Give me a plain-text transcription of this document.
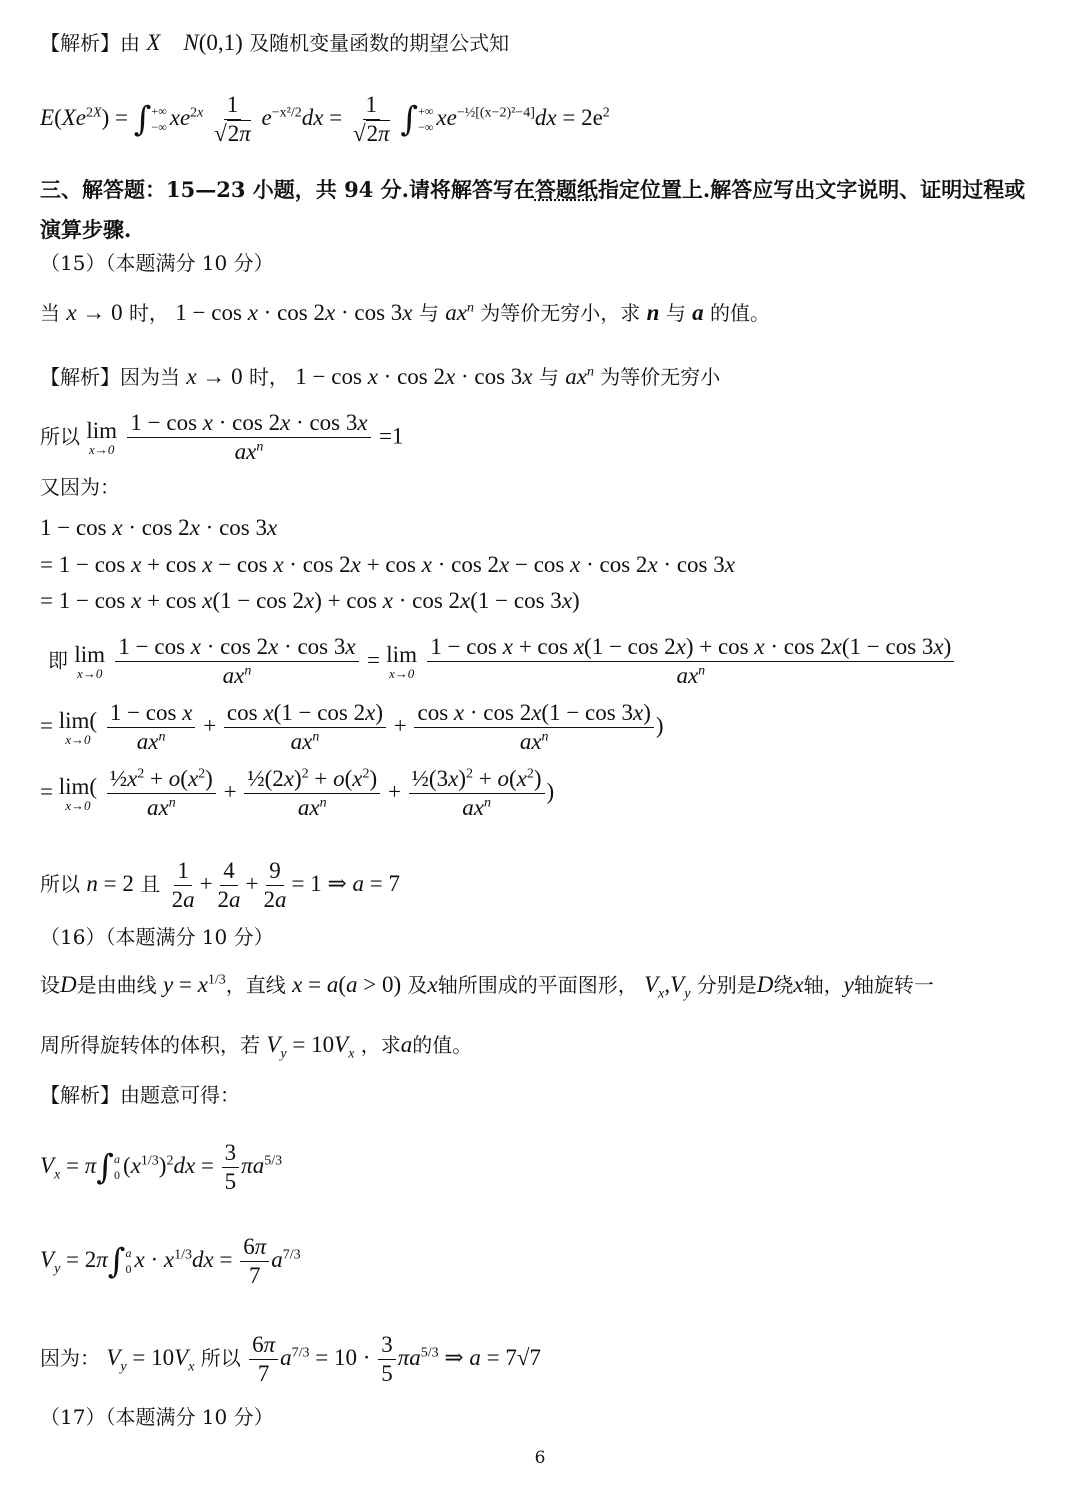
【解析】由 X    N(0,1) 及随机变量函数的期望公式知
$E(Xe^{2X})$ = ∫ +∞
−∞ $xe^{2x} \frac{1}{√2\pi} e^{-x^2/2}dx = \frac{1}{√2\pi}$ ∫ +∞
−∞ $xe^{-\frac{1}{2}[(x-2)^2-4]}dx = 2e^2$
三、解答题：15—23 小题，共 94 分.请将解答写在答题纸指定位置上.解答应写出文字说明、证明过程或
演算步骤.
（15）（本题满分 10 分）
当 x → 0 时， 1 − cos x · cos 2x · cos 3x 与 $ax^n$ 为等价无穷小，求 n 与 a 的值。
【解析】因为当 x → 0 时， 1 − cos x · cos 2x · cos 3x 与 $ax^n$ 为等价无穷小
所以 lim
x→0
$\frac{\text{1 − cos x · cos 2x · cos 3x}}{ax^n} =1$
又因为：
1 − cos x · cos 2x · cos 3x
= 1 − cos x + cos x − cos x · cos 2x + cos x · cos 2x − cos x · cos 2x · cos 3x
= 1 − cos x + cos x(1 − cos 2x) + cos x · cos 2x(1 − cos 3x)
即 lim
x→0
$\frac{\text{1 − cos x · cos 2x · cos 3x}}{ax^n} = \lim$
x→0
$\frac{\text{1 − cos x + cos x(1 − cos 2x) + cos x · cos 2x(1 − cos 3x)}}{ax^n}$
= lim(
x→0
$\frac{\text{1 − cos x}}{ax^n} + \frac{\text{cos x(1 − cos 2x)}}{ax^n} + \frac{\text{cos x · cos 2x(1 − cos 3x)}}{ax^n}$ )
= lim(
x→0
$\frac{\frac{1}{2}x^2 + o(x^2)}{ax^n} + \frac{\frac{1}{2}(2x)^2 + o(x^2)}{ax^n} + \frac{\frac{1}{2}(3x)^2 + o(x^2)}{ax^n}$ )
所以 n = 2 且 $\frac{1}{2a} + \frac{4}{2a} + \frac{9}{2a} = 1$ ⇒ a = 7
（16）（本题满分 10 分）
设D是由曲线 $y = x^{1/3}$，直线 x = a(a > 0) 及x轴所围成的平面图形， $V_x,V_y$ 分别是D绕x轴，y轴旋转一
周所得旋转体的体积，若 $V_y = 10V_x$ ，求a的值。
【解析】由题意可得：
$V_x = \pi\int$ a
0 $(x^{1/3})^2dx = \frac{3}{5} \pi a^{5/3}$
$V_y = 2\pi\int$ a
0 $x \cdot x^{1/3}dx = \frac{6\pi}{7} a^{7/3}$
因为： $V_y = 10V_x$ 所以 $\frac{6\pi}{7} a^{7/3} = 10 \cdot \frac{3}{5} \pi a^{5/3}$ ⇒ a = 7√7
（17）（本题满分 10 分）
6
